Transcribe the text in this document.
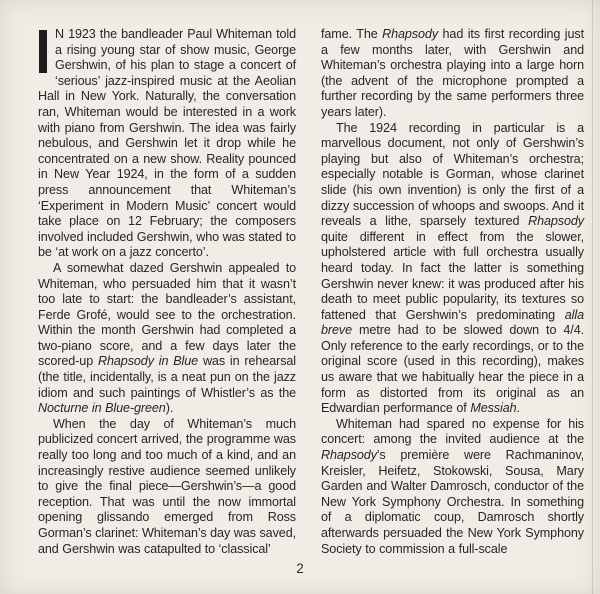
N 1923 the bandleader Paul Whiteman told a rising young star of show music, George Gershwin, of his plan to stage a concert of ‘serious’ jazz-inspired music at the Aeolian Hall in New York. Naturally, the conversation ran, Whiteman would be interested in a work with piano from Gershwin. The idea was fairly nebulous, and Gershwin let it drop while he concentrated on a new show. Reality pounced in New Year 1924, in the form of a sudden press announcement that Whiteman’s ‘Experiment in Modern Music’ concert would take place on 12 February; the composers involved included Gershwin, who was stated to be ‘at work on a jazz concerto’.

A somewhat dazed Gershwin appealed to Whiteman, who persuaded him that it wasn’t too late to start: the bandleader’s assistant, Ferde Grofé, would see to the orchestration. Within the month Gershwin had completed a two-piano score, and a few days later the scored-up Rhapsody in Blue was in rehearsal (the title, incidentally, is a neat pun on the jazz idiom and such paintings of Whistler’s as the Nocturne in Blue-green).

When the day of Whiteman’s much publicized concert arrived, the programme was really too long and too much of a kind, and an increasingly restive audience seemed unlikely to give the final piece—Gershwin’s—a good reception. That was until the now immortal opening glissando emerged from Ross Gorman’s clarinet: Whiteman’s day was saved, and Gershwin was catapulted to ‘classical’

fame. The Rhapsody had its first recording just a few months later, with Gershwin and Whiteman’s orchestra playing into a large horn (the advent of the microphone prompted a further recording by the same performers three years later).

The 1924 recording in particular is a marvellous document, not only of Gershwin’s playing but also of Whiteman’s orchestra; especially notable is Gorman, whose clarinet slide (his own invention) is only the first of a dizzy succession of whoops and swoops. And it reveals a lithe, sparsely textured Rhapsody quite different in effect from the slower, upholstered article with full orchestra usually heard today. In fact the latter is something Gershwin never knew: it was produced after his death to meet public popularity, its textures so fattened that Gershwin’s predominating alla breve metre had to be slowed down to 4/4. Only reference to the early recordings, or to the original score (used in this recording), makes us aware that we habitually hear the piece in a form as distorted from its original as an Edwardian performance of Messiah.

Whiteman had spared no expense for his concert: among the invited audience at the Rhapsody’s première were Rachmaninov, Kreisler, Heifetz, Stokowski, Sousa, Mary Garden and Walter Damrosch, conductor of the New York Symphony Orchestra. In something of a diplomatic coup, Damrosch shortly afterwards persuaded the New York Symphony Society to commission a full-scale

2
